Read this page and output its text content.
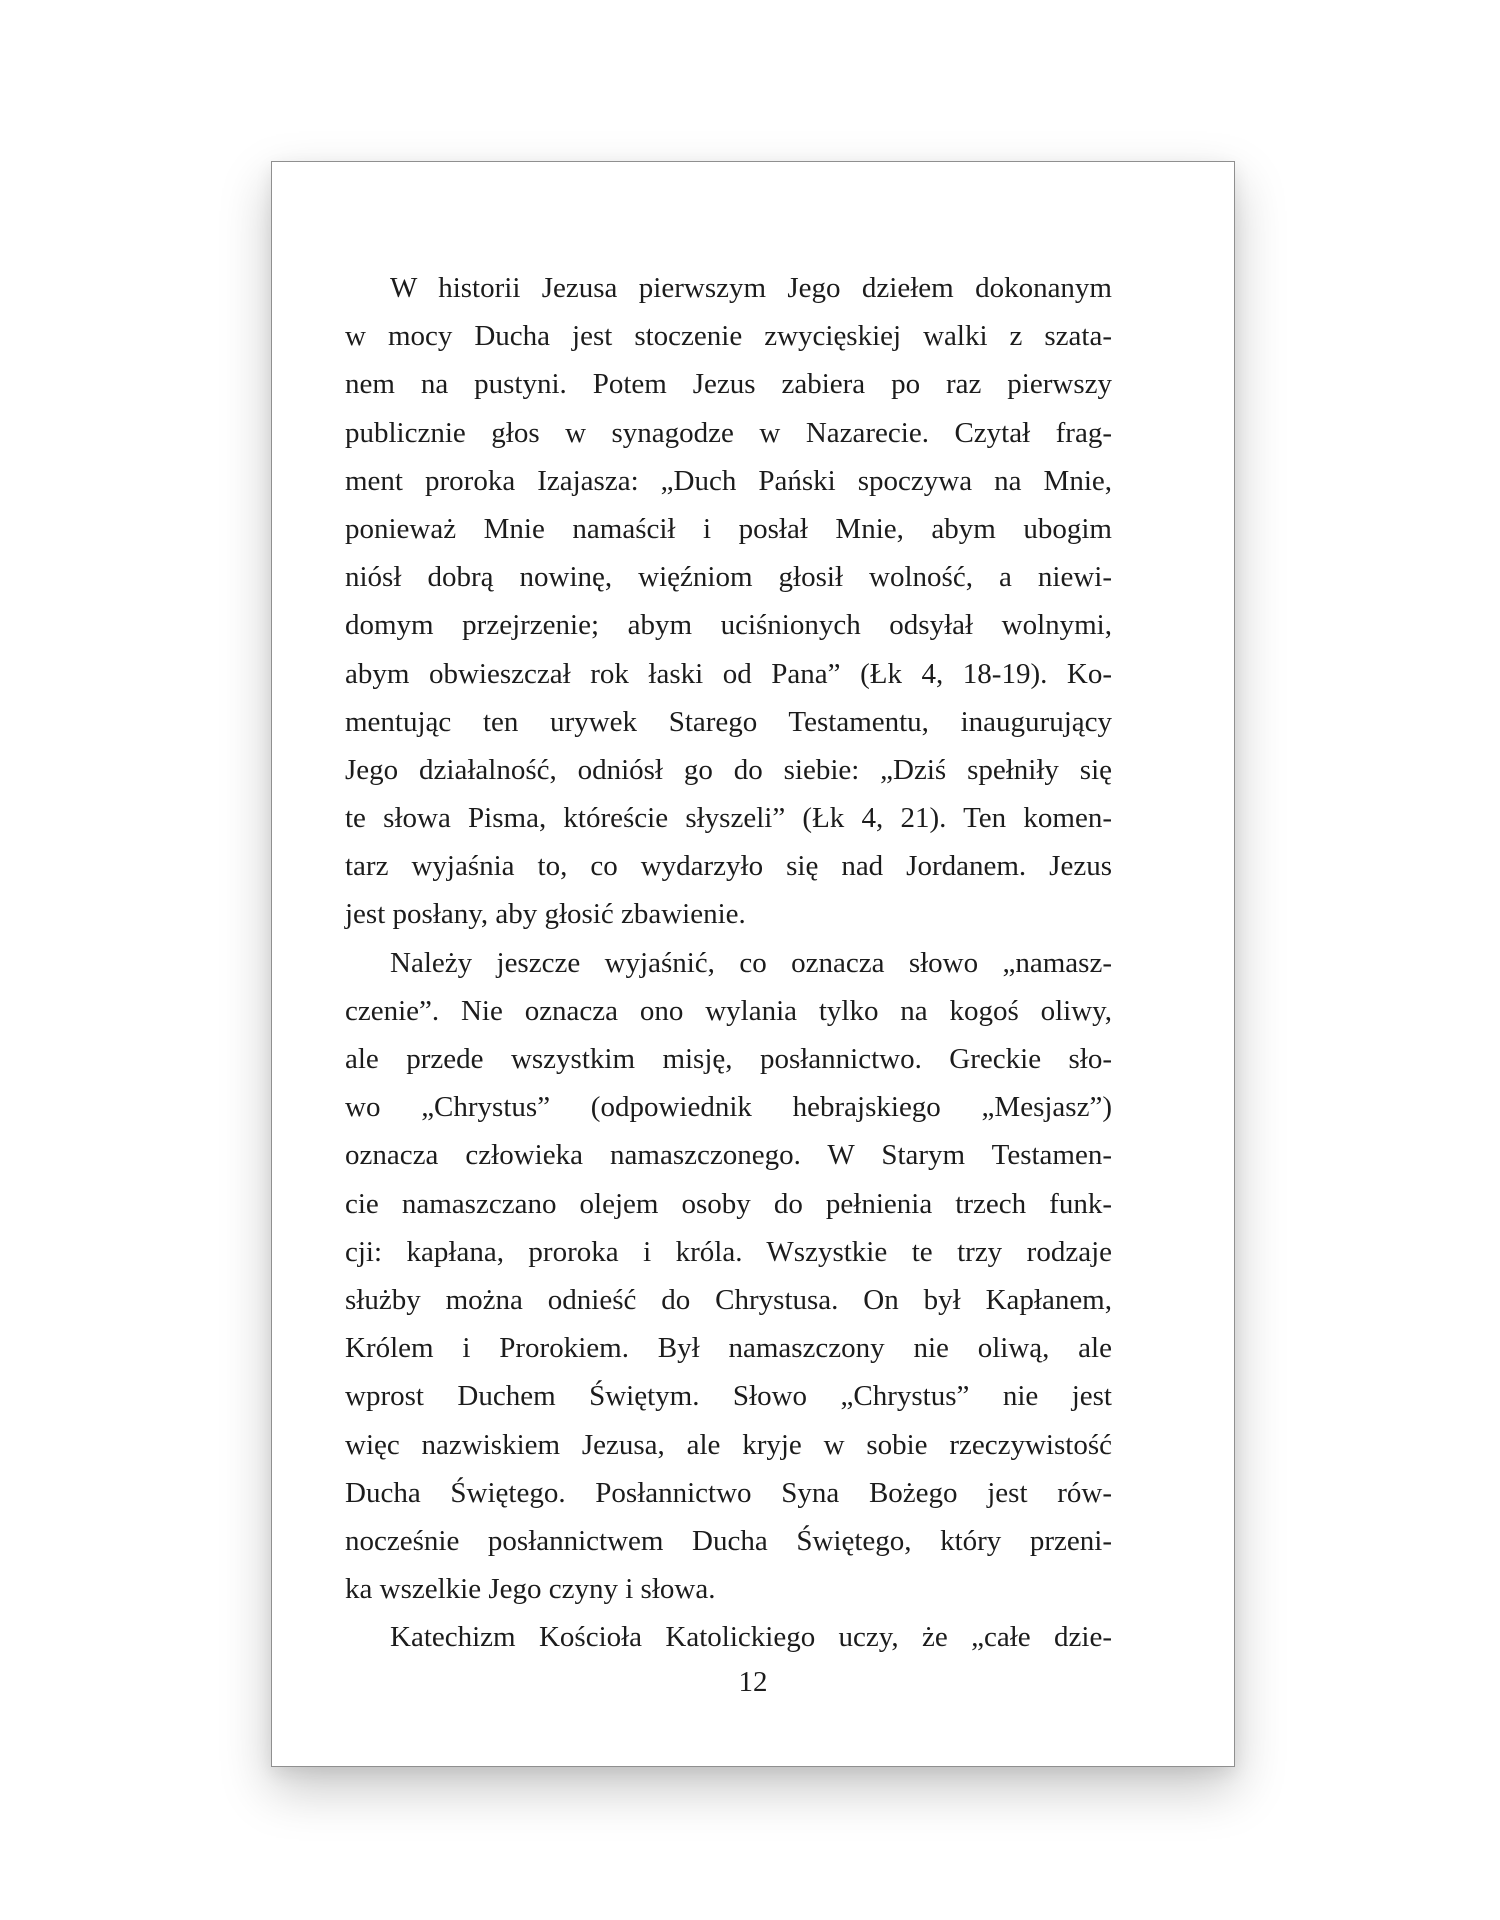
W historii Jezusa pierwszym Jego dziełem dokonanym
w mocy Ducha jest stoczenie zwycięskiej walki z szata-
nem na pustyni. Potem Jezus zabiera po raz pierwszy
publicznie głos w synagodze w Nazarecie. Czytał frag-
ment proroka Izajasza: „Duch Pański spoczywa na Mnie,
ponieważ Mnie namaścił i posłał Mnie, abym ubogim
niósł dobrą nowinę, więźniom głosił wolność, a niewi-
domym przejrzenie; abym uciśnionych odsyłał wolnymi,
abym obwieszczał rok łaski od Pana” (Łk 4, 18-19). Ko-
mentując ten urywek Starego Testamentu, inaugurujący
Jego działalność, odniósł go do siebie: „Dziś spełniły się
te słowa Pisma, któreście słyszeli” (Łk 4, 21). Ten komen-
tarz wyjaśnia to, co wydarzyło się nad Jordanem. Jezus
jest posłany, aby głosić zbawienie.

Należy jeszcze wyjaśnić, co oznacza słowo „namasz-
czenie”. Nie oznacza ono wylania tylko na kogoś oliwy,
ale przede wszystkim misję, posłannictwo. Greckie sło-
wo „Chrystus” (odpowiednik hebrajskiego „Mesjasz”)
oznacza człowieka namaszczonego. W Starym Testamen-
cie namaszczano olejem osoby do pełnienia trzech funk-
cji: kapłana, proroka i króla. Wszystkie te trzy rodzaje
służby można odnieść do Chrystusa. On był Kapłanem,
Królem i Prorokiem. Był namaszczony nie oliwą, ale
wprost Duchem Świętym. Słowo „Chrystus” nie jest
więc nazwiskiem Jezusa, ale kryje w sobie rzeczywistość
Ducha Świętego. Posłannictwo Syna Bożego jest rów-
nocześnie posłannictwem Ducha Świętego, który przeni-
ka wszelkie Jego czyny i słowa.

Katechizm Kościoła Katolickiego uczy, że „całe dzie-

12
